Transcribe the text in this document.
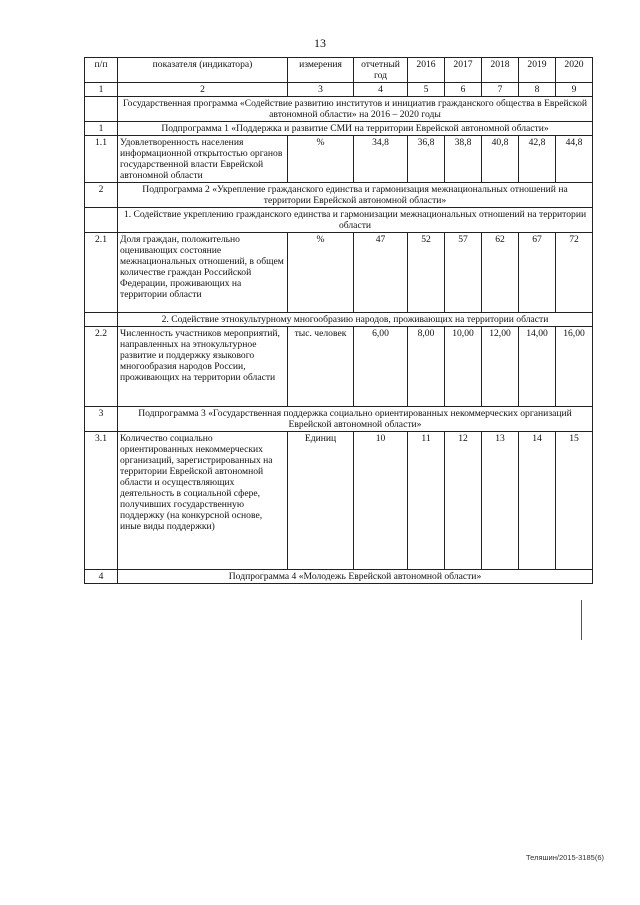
13
п/п	показателя (индикатора)	измерения	отчетный год	2016	2017	2018	2019	2020
1	2	3	4	5	6	7	8	9
	Государственная программа «Содействие развитию институтов и инициатив гражданского общества в Еврейской автономной области» на 2016 – 2020 годы							
1	Подпрограмма 1 «Поддержка и развитие СМИ на территории Еврейской автономной области»							
1.1	Удовлетворенность населения информационной открытостью органов государственной власти Еврейской автономной области	%	34,8	36,8	38,8	40,8	42,8	44,8
2	Подпрограмма 2 «Укрепление гражданского единства и гармонизация межнациональных отношений на территории Еврейской автономной области»							
	1. Содействие укреплению гражданского единства и гармонизации межнациональных отношений на территории области							
2.1	Доля граждан, положительно оценивающих состояние межнациональных отношений, в общем количестве граждан Российской Федерации, проживающих на территории области	%	47	52	57	62	67	72
	2. Содействие этнокультурному многообразию народов, проживающих на территории области							
2.2	Численность участников мероприятий, направленных на этнокультурное развитие и поддержку языкового многообразия народов России, проживающих на территории области	тыс. человек	6,00	8,00	10,00	12,00	14,00	16,00
3	Подпрограмма 3 «Государственная поддержка социально ориентированных некоммерческих организаций Еврейской автономной области»							
3.1	Количество социально ориентированных некоммерческих организаций, зарегистрированных на территории Еврейской автономной области и осуществляющих деятельность в социальной сфере, получивших государственную поддержку (на конкурсной основе, иные виды поддержки)	Единиц	10	11	12	13	14	15
4	Подпрограмма 4 «Молодежь Еврейской автономной области»							
Теляшин/2015-3185(6)
